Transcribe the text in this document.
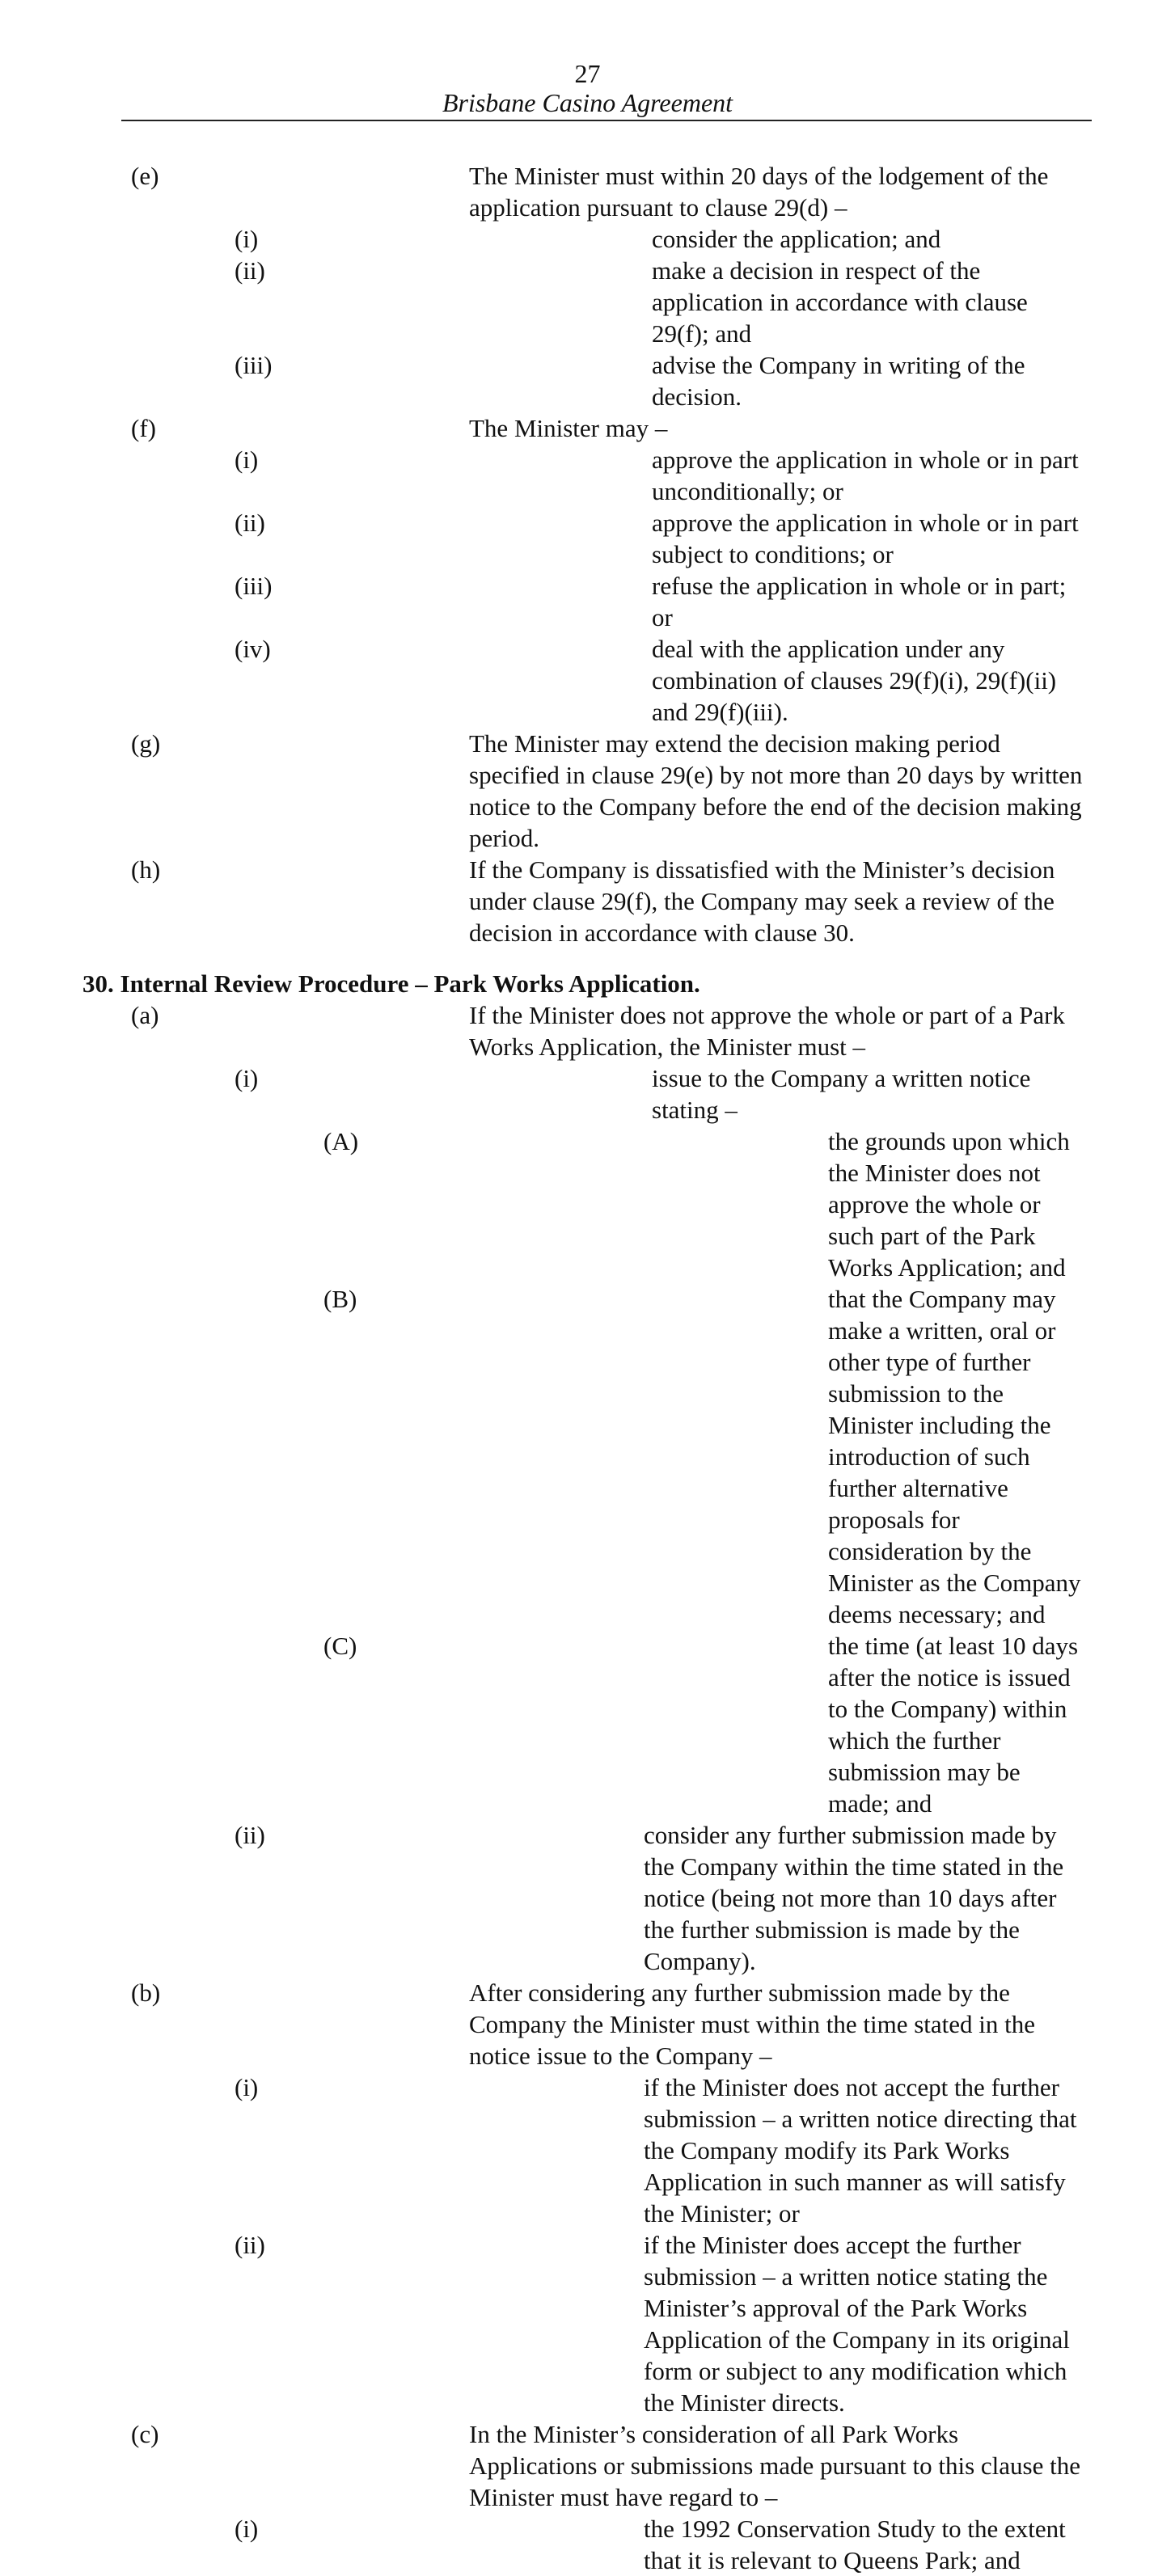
27
Brisbane Casino Agreement
(e)	The Minister must within 20 days of the lodgement of the application pursuant to clause 29(d) –
(i)	consider the application; and
(ii)	make a decision in respect of the application in accordance with clause 29(f); and
(iii)	advise the Company in writing of the decision.
(f)	The Minister may –
(i)	approve the application in whole or in part unconditionally; or
(ii)	approve the application in whole or in part subject to conditions; or
(iii)	refuse the application in whole or in part; or
(iv)	deal with the application under any combination of clauses 29(f)(i), 29(f)(ii) and 29(f)(iii).
(g)	The Minister may extend the decision making period specified in clause 29(e) by not more than 20 days by written notice to the Company before the end of the decision making period.
(h)	If the Company is dissatisfied with the Minister’s decision under clause 29(f), the Company may seek a review of the decision in accordance with clause 30.
30. Internal Review Procedure – Park Works Application.
(a)	If the Minister does not approve the whole or part of a Park Works Application, the Minister must –
(i)	issue to the Company a written notice stating –
(A)	the grounds upon which the Minister does not approve the whole or such part of the Park Works Application; and
(B)	that the Company may make a written, oral or other type of further submission to the Minister including the introduction of such further alternative proposals for consideration by the Minister as the Company deems necessary; and
(C)	the time (at least 10 days after the notice is issued to the Company) within which the further submission may be made; and
(ii)	consider any further submission made by the Company within the time stated in the notice (being not more than 10 days after the further submission is made by the Company).
(b)	After considering any further submission made by the Company the Minister must within the time stated in the notice issue to the Company –
(i)	if the Minister does not accept the further submission – a written notice directing that the Company modify its Park Works Application in such manner as will satisfy the Minister; or
(ii)	if the Minister does accept the further submission – a written notice stating the Minister’s approval of the Park Works Application of the Company in its original form or subject to any modification which the Minister directs.
(c)	In the Minister’s consideration of all Park Works Applications or submissions made pursuant to this clause the Minister must have regard to –
(i)	the 1992 Conservation Study to the extent that it is relevant to Queens Park; and
